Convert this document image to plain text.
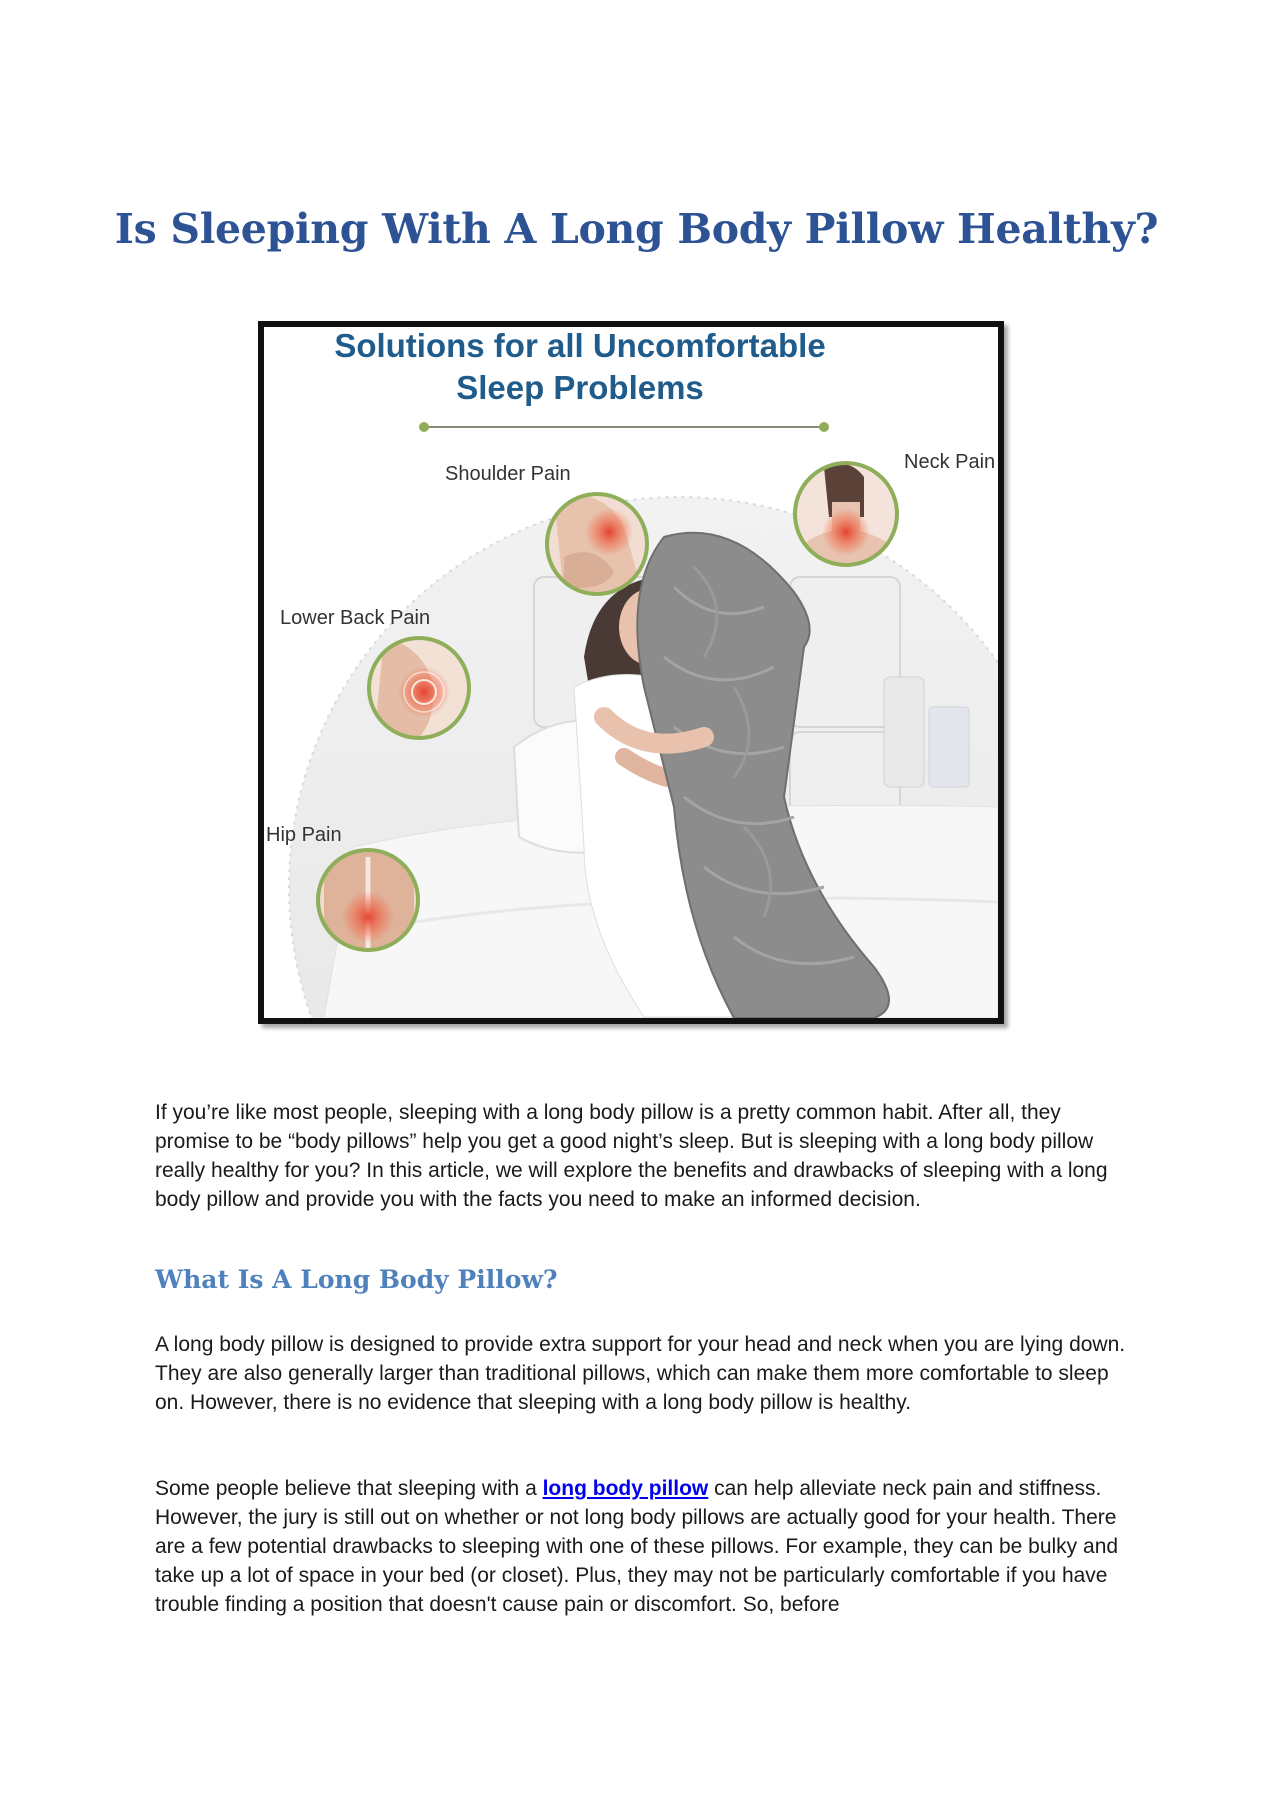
Is Sleeping With A Long Body Pillow Healthy?
Solutions for all Uncomfortable
Sleep Problems
Shoulder Pain
Neck Pain
Lower Back Pain
Hip Pain
If you’re like most people, sleeping with a long body pillow is a pretty common habit. After all, they promise to be “body pillows” help you get a good night’s sleep. But is sleeping with a long body pillow really healthy for you? In this article, we will explore the benefits and drawbacks of sleeping with a long body pillow and provide you with the facts you need to make an informed decision.
What Is A Long Body Pillow?
A long body pillow is designed to provide extra support for your head and neck when you are lying down. They are also generally larger than traditional pillows, which can make them more comfortable to sleep on. However, there is no evidence that sleeping with a long body pillow is healthy.
Some people believe that sleeping with a long body pillow can help alleviate neck pain and stiffness. However, the jury is still out on whether or not long body pillows are actually good for your health. There are a few potential drawbacks to sleeping with one of these pillows. For example, they can be bulky and take up a lot of space in your bed (or closet). Plus, they may not be particularly comfortable if you have trouble finding a position that doesn't cause pain or discomfort. So, before
